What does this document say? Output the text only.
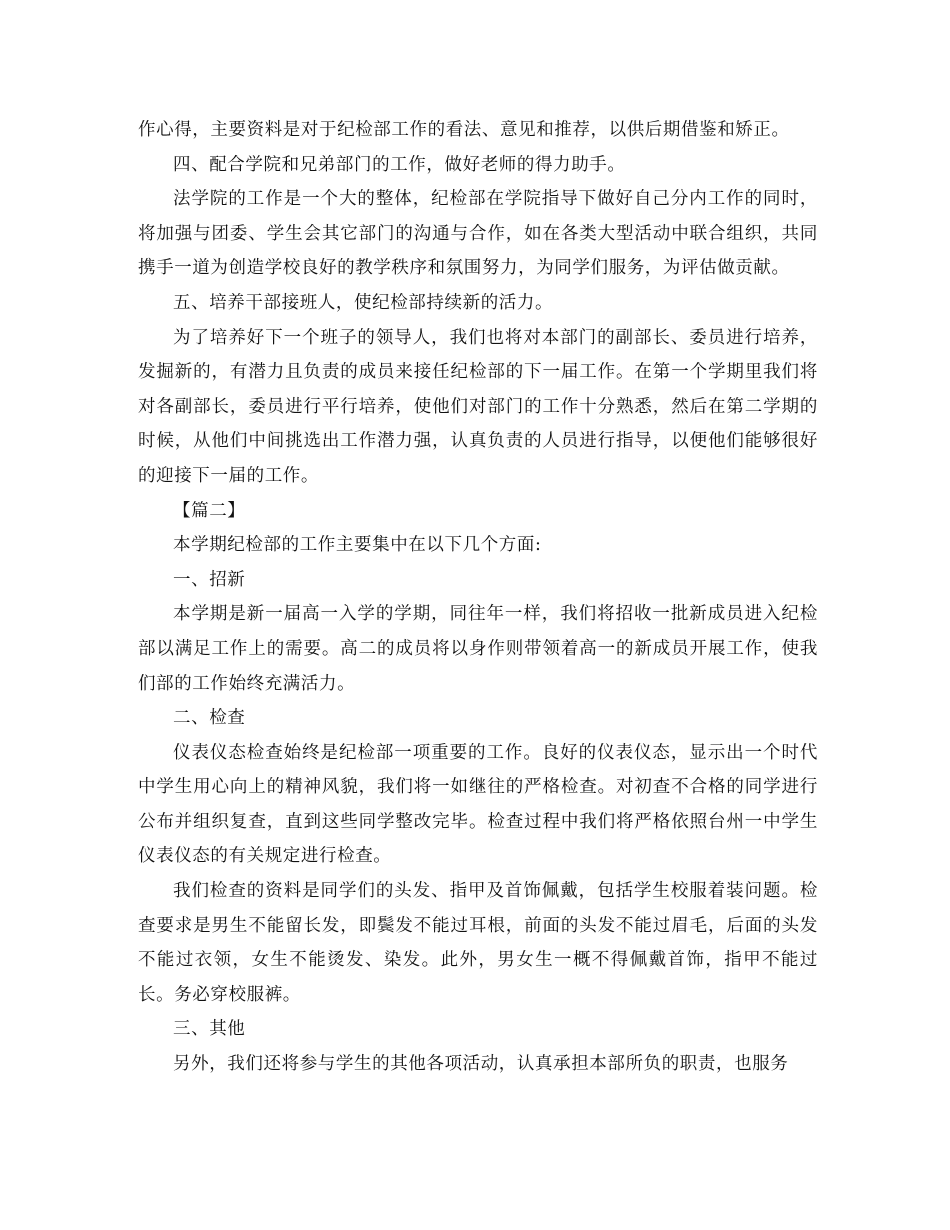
作心得，主要资料是对于纪检部工作的看法、意见和推荐，以供后期借鉴和矫正。

四、配合学院和兄弟部门的工作，做好老师的得力助手。

法学院的工作是一个大的整体，纪检部在学院指导下做好自己分内工作的同时，将加强与团委、学生会其它部门的沟通与合作，如在各类大型活动中联合组织，共同携手一道为创造学校良好的教学秩序和氛围努力，为同学们服务，为评估做贡献。

五、培养干部接班人，使纪检部持续新的活力。

为了培养好下一个班子的领导人，我们也将对本部门的副部长、委员进行培养，发掘新的，有潜力且负责的成员来接任纪检部的下一届工作。在第一个学期里我们将对各副部长，委员进行平行培养，使他们对部门的工作十分熟悉，然后在第二学期的时候，从他们中间挑选出工作潜力强，认真负责的人员进行指导，以便他们能够很好的迎接下一届的工作。

【篇二】

本学期纪检部的工作主要集中在以下几个方面:

一、招新

本学期是新一届高一入学的学期，同往年一样，我们将招收一批新成员进入纪检部以满足工作上的需要。高二的成员将以身作则带领着高一的新成员开展工作，使我们部的工作始终充满活力。

二、检查

仪表仪态检查始终是纪检部一项重要的工作。良好的仪表仪态，显示出一个时代中学生用心向上的精神风貌，我们将一如继往的严格检查。对初查不合格的同学进行公布并组织复查，直到这些同学整改完毕。检查过程中我们将严格依照台州一中学生仪表仪态的有关规定进行检查。

我们检查的资料是同学们的头发、指甲及首饰佩戴，包括学生校服着装问题。检查要求是男生不能留长发，即鬓发不能过耳根，前面的头发不能过眉毛，后面的头发不能过衣领，女生不能烫发、染发。此外，男女生一概不得佩戴首饰，指甲不能过长。务必穿校服裤。

三、其他

另外，我们还将参与学生的其他各项活动，认真承担本部所负的职责，也服务
